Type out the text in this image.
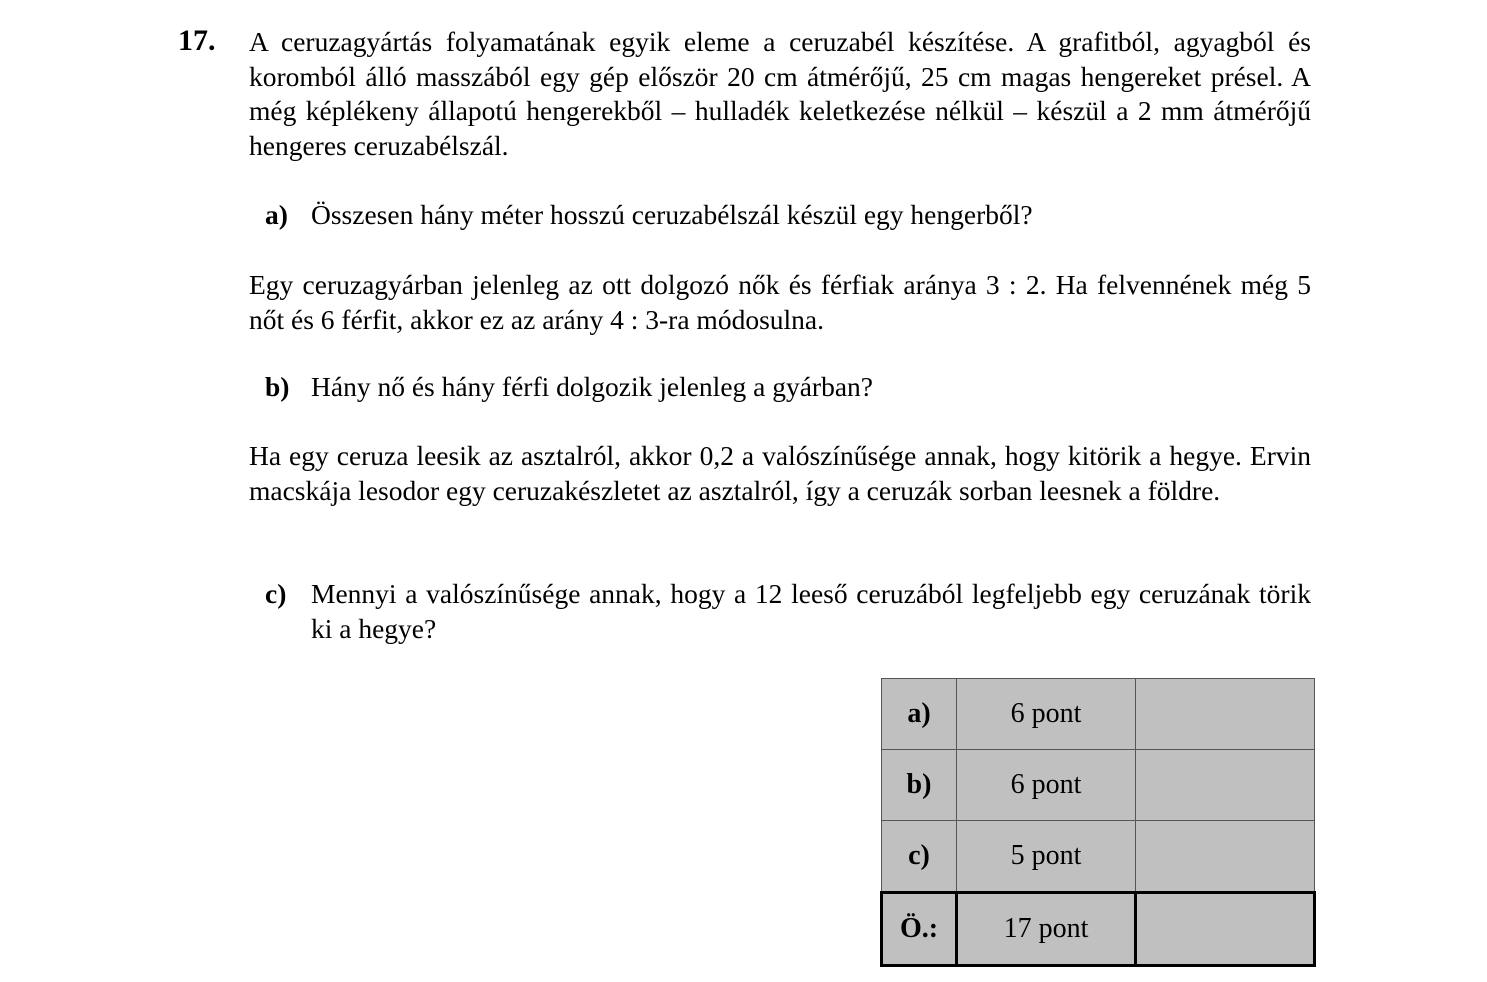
17. A ceruzagyártás folyamatának egyik eleme a ceruzabél készítése. A grafitból, agyagból és koromból álló masszából egy gép először 20 cm átmérőjű, 25 cm magas hengereket présel. A még képlékeny állapotú hengerekből – hulladék keletkezése nélkül – készül a 2 mm átmérőjű hengeres ceruzabélszál.

a) Összesen hány méter hosszú ceruzabélszál készül egy hengerből?

Egy ceruzagyárban jelenleg az ott dolgozó nők és férfiak aránya 3 : 2. Ha felvennének még 5 nőt és 6 férfit, akkor ez az arány 4 : 3-ra módosulna.

b) Hány nő és hány férfi dolgozik jelenleg a gyárban?

Ha egy ceruza leesik az asztalról, akkor 0,2 a valószínűsége annak, hogy kitörik a hegye. Ervin macskája lesodor egy ceruzakészletet az asztalról, így a ceruzák sorban leesnek a földre.

c) Mennyi a valószínűsége annak, hogy a 12 leeső ceruzából legfeljebb egy ceruzának törik ki a hegye?
a)	6 pont	
b)	6 pont	
c)	5 pont	
Ö.:	17 pont	
